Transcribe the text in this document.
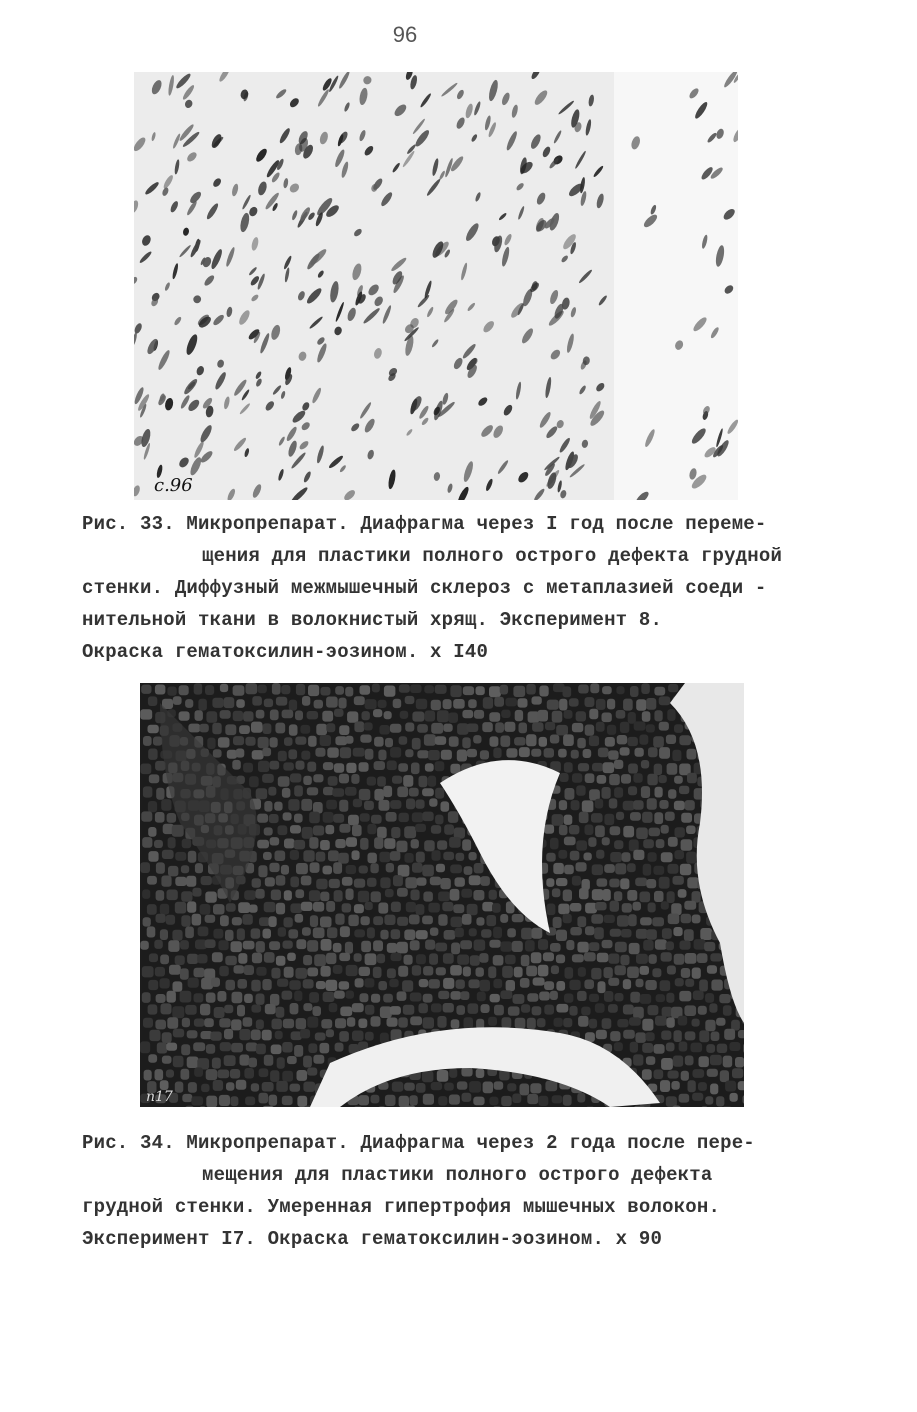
96
с.96
Рис. 33. Микропрепарат. Диафрагма через I год после переме-
щения для пластики полного острого дефекта грудной
стенки. Диффузный межмышечный склероз с метаплазией соеди -
нительной ткани в волокнистый хрящ. Эксперимент 8.
Окраска гематоксилин-эозином. х I40
п17
Рис. 34. Микропрепарат. Диафрагма через 2 года после пере-
мещения для пластики полного острого дефекта
грудной стенки. Умеренная гипертрофия мышечных волокон.
Эксперимент I7. Окраска гематоксилин-эозином. х 90
